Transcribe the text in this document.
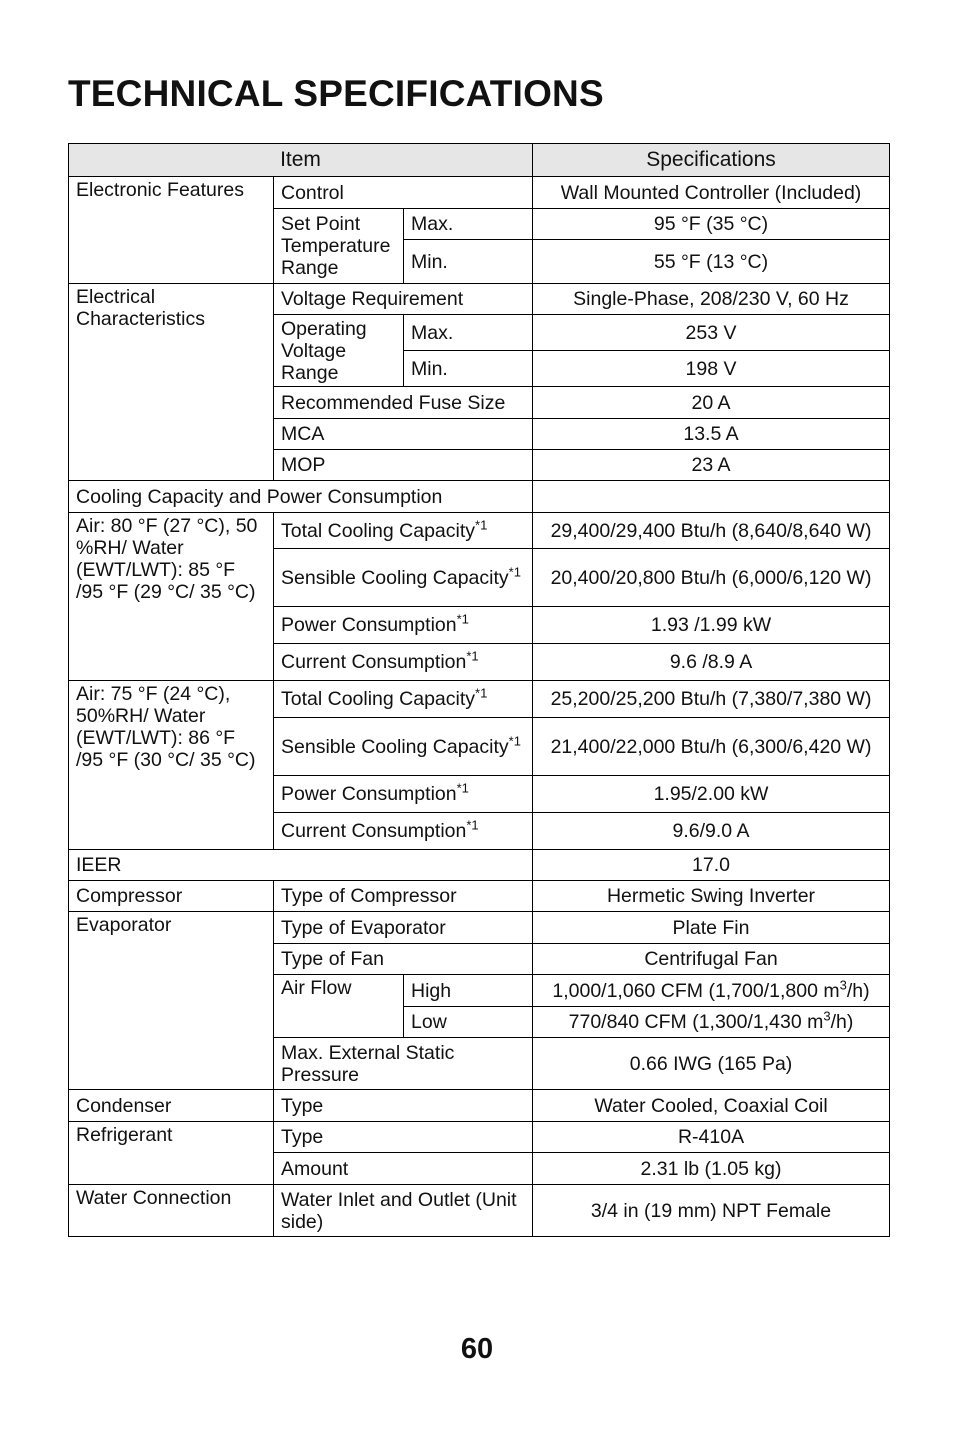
TECHNICAL SPECIFICATIONS
Item			Specifications
Electronic Features	Control		Wall Mounted Controller (Included)
	Set Point Temperature Range	Max.	95 °F (35 °C)
		Min.	55 °F (13 °C)
Electrical Characteristics	Voltage Requirement		Single-Phase, 208/230 V, 60 Hz
	Operating Voltage Range	Max.	253 V
		Min.	198 V
	Recommended Fuse Size		20 A
	MCA		13.5 A
	MOP		23 A
Cooling Capacity and Power Consumption			
Air: 80 °F (27 °C), 50 %RH/ Water (EWT/LWT): 85 °F /95 °F (29 °C/ 35 °C)	Total Cooling Capacity$^{*1}$		29,400/29,400 Btu/h (8,640/8,640 W)
	Sensible Cooling Capacity$^{*1}$		20,400/20,800 Btu/h (6,000/6,120 W)
	Power Consumption$^{*1}$		1.93 /1.99 kW
	Current Consumption$^{*1}$		9.6 /8.9 A
Air: 75 °F (24 °C), 50%RH/ Water (EWT/LWT): 86 °F /95 °F (30 °C/ 35 °C)	Total Cooling Capacity$^{*1}$		25,200/25,200 Btu/h (7,380/7,380 W)
	Sensible Cooling Capacity$^{*1}$		21,400/22,000 Btu/h (6,300/6,420 W)
	Power Consumption$^{*1}$		1.95/2.00 kW
	Current Consumption$^{*1}$		9.6/9.0 A
IEER			17.0
Compressor	Type of Compressor		Hermetic Swing Inverter
Evaporator	Type of Evaporator		Plate Fin
	Type of Fan		Centrifugal Fan
	Air Flow	High	1,000/1,060 CFM (1,700/1,800 $m^3/h$)
		Low	770/840 CFM (1,300/1,430 $m^3/h$)
	Max. External Static Pressure		0.66 IWG (165 Pa)
Condenser	Type		Water Cooled, Coaxial Coil
Refrigerant	Type		R-410A
	Amount		2.31 lb (1.05 kg)
Water Connection	Water Inlet and Outlet (Unit side)		3/4 in (19 mm) NPT Female
60
